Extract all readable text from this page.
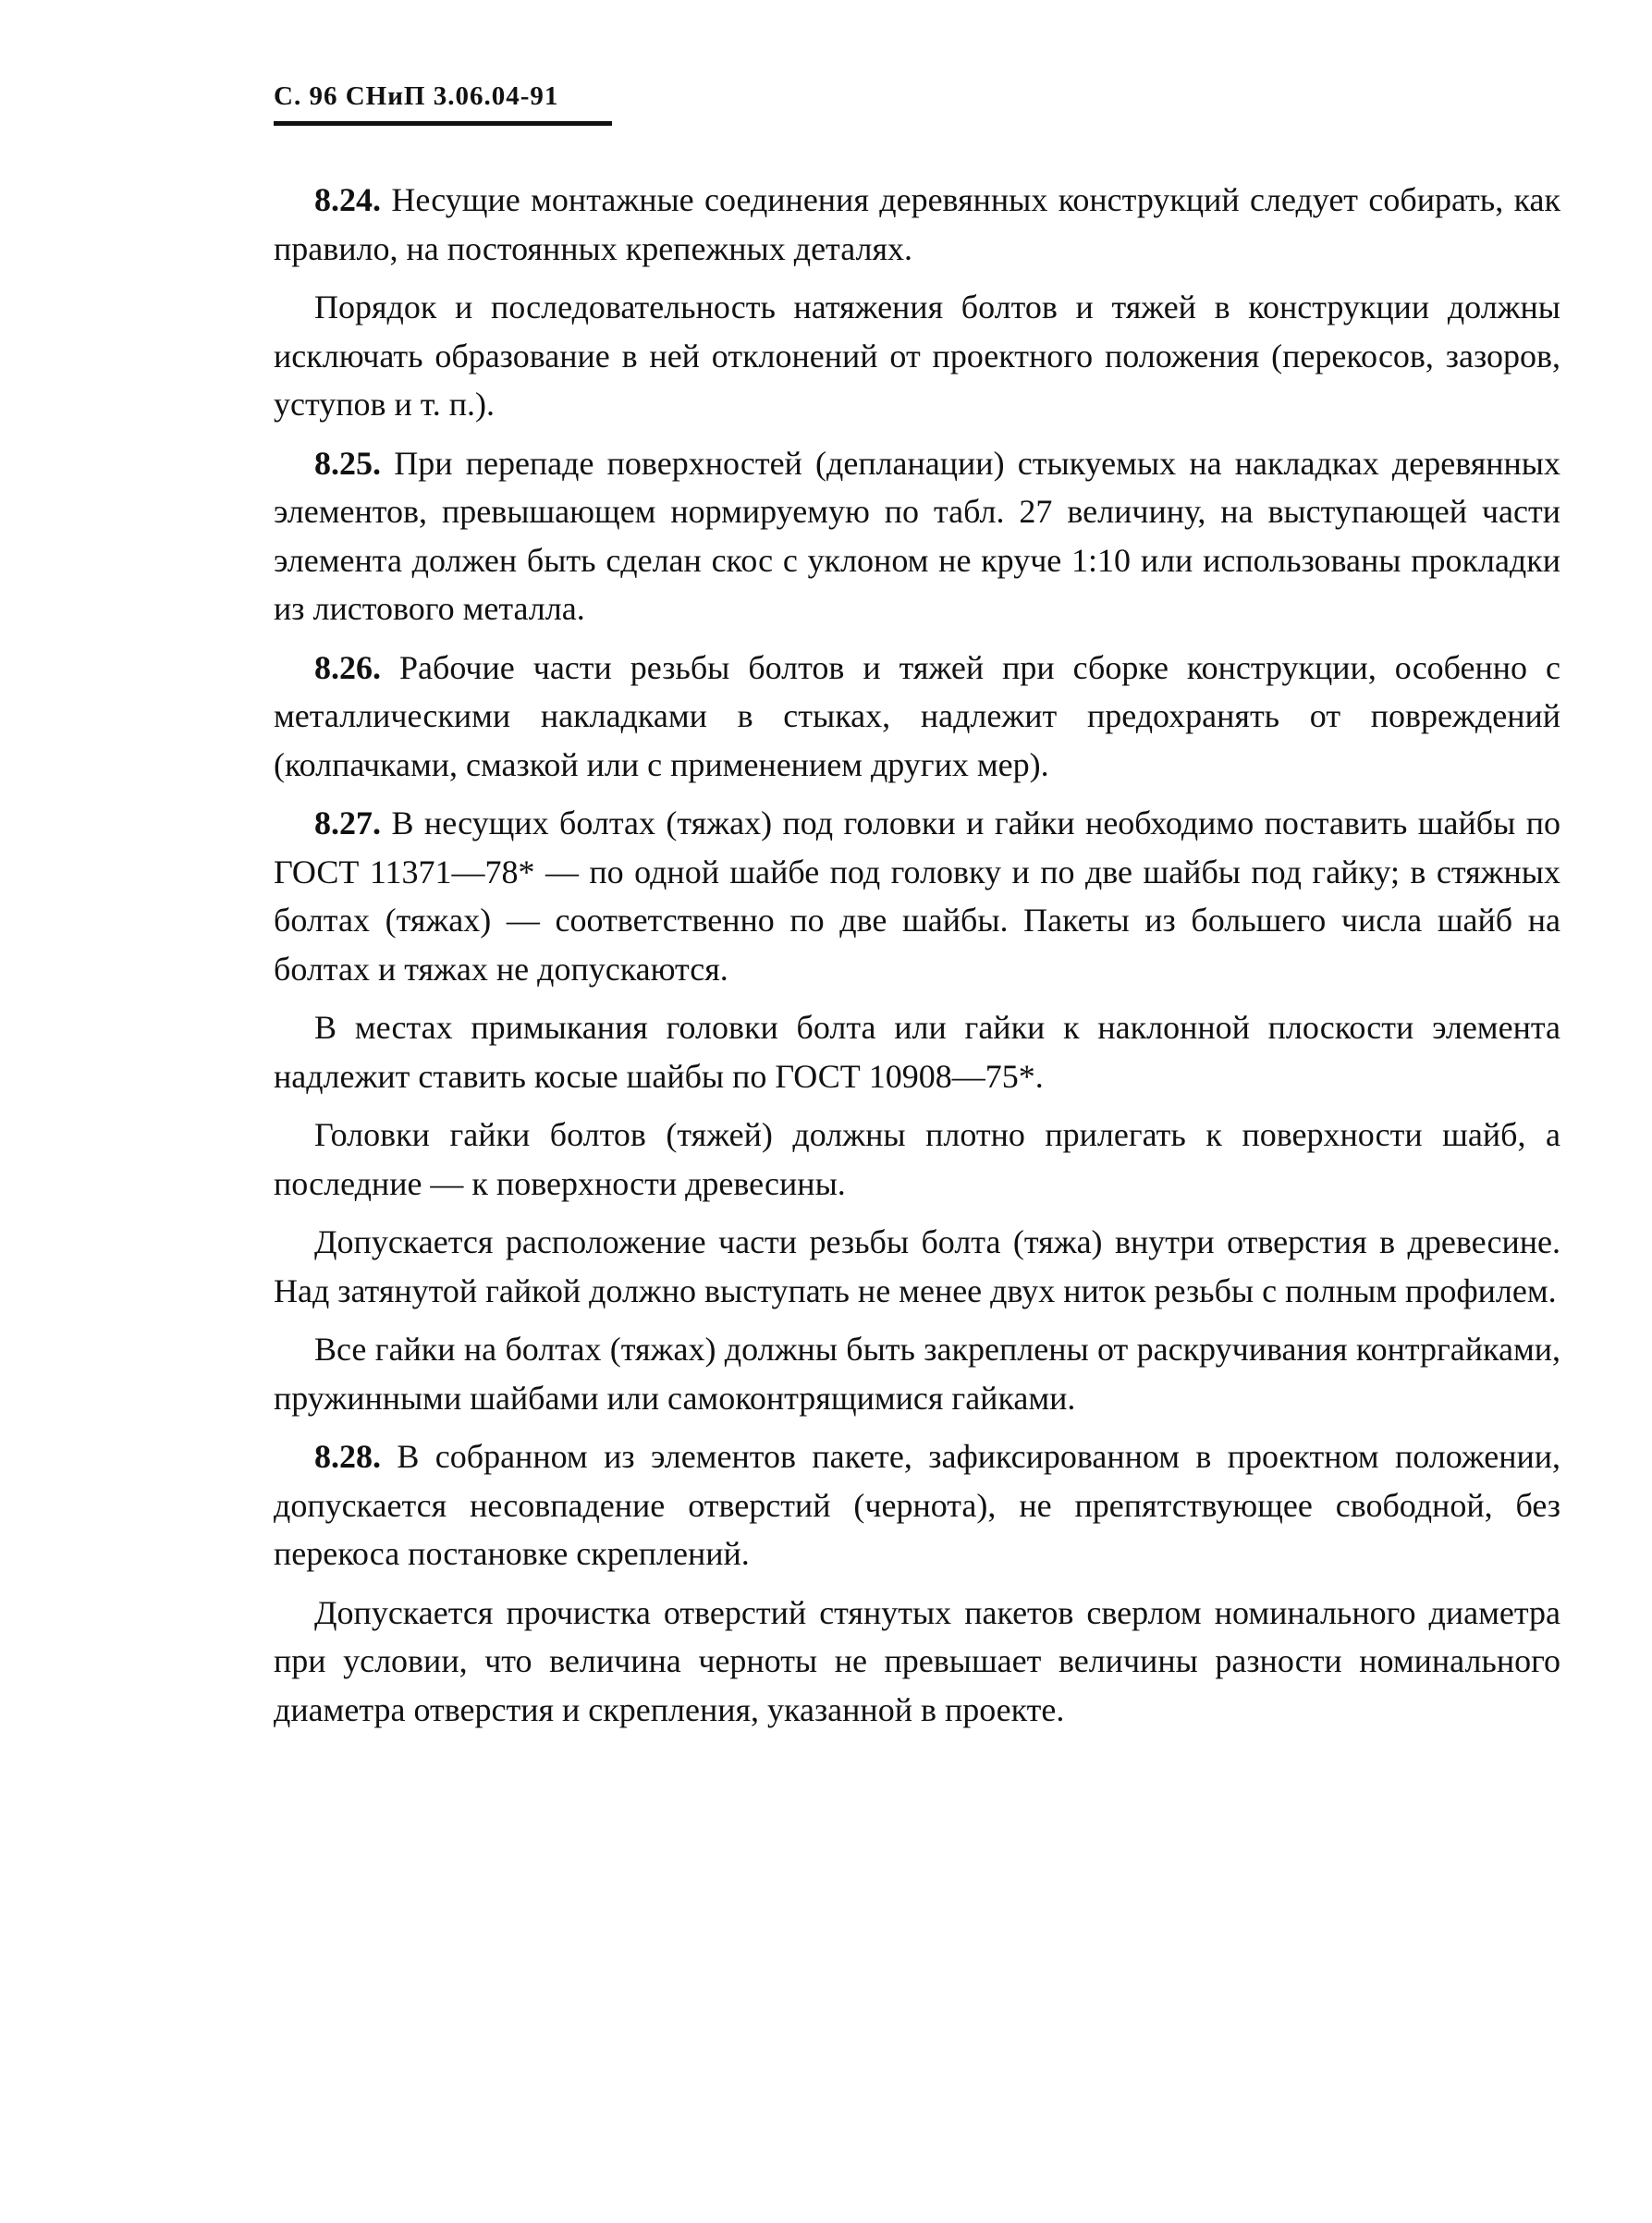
С. 96 СНиП 3.06.04-91

8.24. Несущие монтажные соединения деревянных конструкций следует собирать, как правило, на постоянных крепежных деталях.

Порядок и последовательность натяжения болтов и тяжей в конструкции должны исключать образование в ней отклонений от проектного положения (перекосов, зазоров, уступов и т. п.).

8.25. При перепаде поверхностей (депланации) стыкуемых на накладках деревянных элементов, превышающем нормируемую по табл. 27 величину, на выступающей части элемента должен быть сделан скос с уклоном не круче 1:10 или использованы прокладки из листового металла.

8.26. Рабочие части резьбы болтов и тяжей при сборке конструкции, особенно с металлическими накладками в стыках, надлежит предохранять от повреждений (колпачками, смазкой или с применением других мер).

8.27. В несущих болтах (тяжах) под головки и гайки необходимо поставить шайбы по ГОСТ 11371—78* — по одной шайбе под головку и по две шайбы под гайку; в стяжных болтах (тяжах) — соответственно по две шайбы. Пакеты из большего числа шайб на болтах и тяжах не допускаются.

В местах примыкания головки болта или гайки к наклонной плоскости элемента надлежит ставить косые шайбы по ГОСТ 10908—75*.

Головки гайки болтов (тяжей) должны плотно прилегать к поверхности шайб, а последние — к поверхности древесины.

Допускается расположение части резьбы болта (тяжа) внутри отверстия в древесине. Над затянутой гайкой должно выступать не менее двух ниток резьбы с полным профилем.

Все гайки на болтах (тяжах) должны быть закреплены от раскручивания контргайками, пружинными шайбами или самоконтрящимися гайками.

8.28. В собранном из элементов пакете, зафиксированном в проектном положении, допускается несовпадение отверстий (чернота), не препятствующее свободной, без перекоса постановке скреплений.

Допускается прочистка отверстий стянутых пакетов сверлом номинального диаметра при условии, что величина черноты не превышает величины разности номинального диаметра отверстия и скрепления, указанной в проекте.
